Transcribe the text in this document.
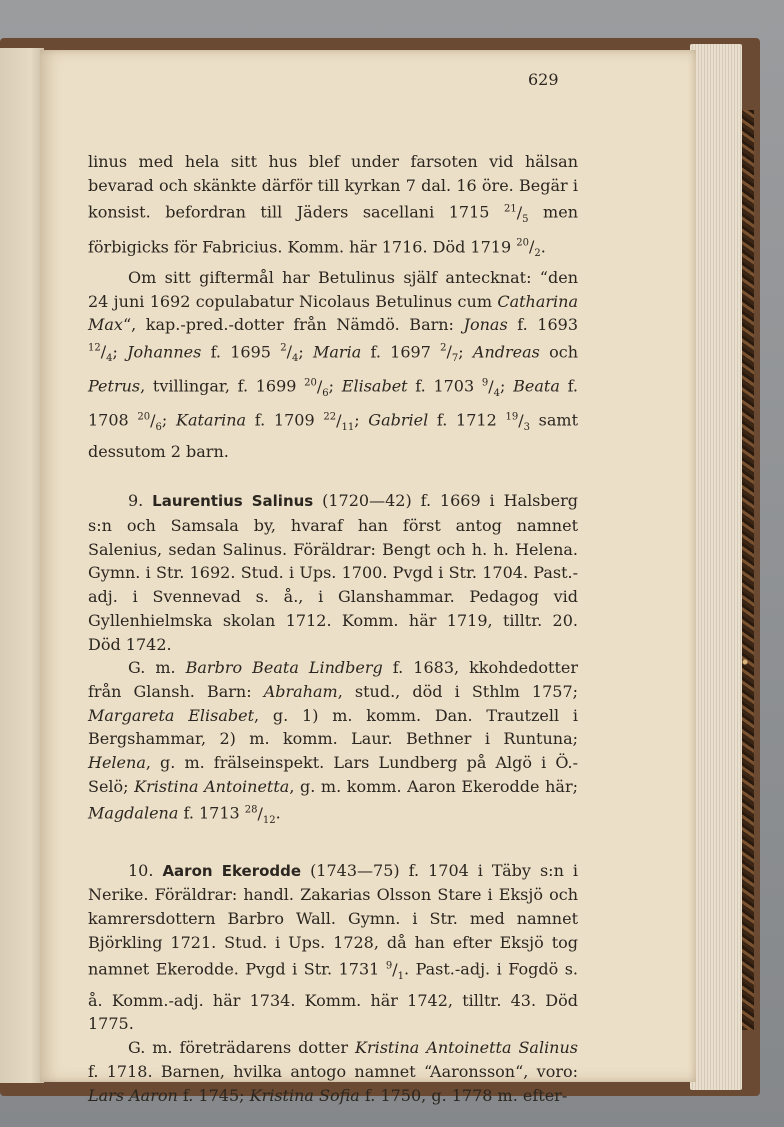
629

linus med hela sitt hus blef under farsoten vid hälsan bevarad och skänkte därför till kyrkan 7 dal. 16 öre. Begär i konsist. befordran till Jäders sacellani 1715 $^{21}/_5$ men förbigicks för Fabricius. Komm. här 1716. Död 1719 $^{20}/_2$.

Om sitt giftermål har Betulinus själf antecknat: “den 24 juni 1692 copulabatur Nicolaus Betulinus cum Catharina Max“, kap.-pred.-dotter från Nämdö. Barn: Jonas f. 1693 $^{12}/_4$; Johannes f. 1695 $^2/_4$; Maria f. 1697 $^2/_7$; Andreas och Petrus, tvillingar, f. 1699 $^{20}/_6$; Elisabet f. 1703 $^9/_4$; Beata f. 1708 $^{20}/_6$; Katarina f. 1709 $^{22}/_{11}$; Gabriel f. 1712 $^{19}/_3$ samt dessutom 2 barn.

9. Laurentius Salinus (1720—42) f. 1669 i Halsberg s:n och Samsala by, hvaraf han först antog namnet Salenius, sedan Salinus. Föräldrar: Bengt och h. h. Helena. Gymn. i Str. 1692. Stud. i Ups. 1700. Pvgd i Str. 1704. Past.-adj. i Svennevad s. å., i Glanshammar. Pedagog vid Gyllenhielmska skolan 1712. Komm. här 1719, tilltr. 20. Död 1742.

G. m. Barbro Beata Lindberg f. 1683, kkohdedotter från Glansh. Barn: Abraham, stud., död i Sthlm 1757; Margareta Elisabet, g. 1) m. komm. Dan. Trautzell i Bergshammar, 2) m. komm. Laur. Bethner i Runtuna; Helena, g. m. frälseinspekt. Lars Lundberg på Algö i Ö.-Selö; Kristina Antoinetta, g. m. komm. Aaron Ekerodde här; Magdalena f. 1713 $^{28}/_{12}$.

10. Aaron Ekerodde (1743—75) f. 1704 i Täby s:n i Nerike. Föräldrar: handl. Zakarias Olsson Stare i Eksjö och kamrersdottern Barbro Wall. Gymn. i Str. med namnet Björkling 1721. Stud. i Ups. 1728, då han efter Eksjö tog namnet Ekerodde. Pvgd i Str. 1731 $^9/_1$. Past.-adj. i Fogdö s. å. Komm.-adj. här 1734. Komm. här 1742, tilltr. 43. Död 1775.

G. m. företrädarens dotter Kristina Antoinetta Salinus f. 1718. Barnen, hvilka antogo namnet “Aaronsson“, voro: Lars Aaron f. 1745; Kristina Sofia f. 1750, g. 1778 m. efter-
